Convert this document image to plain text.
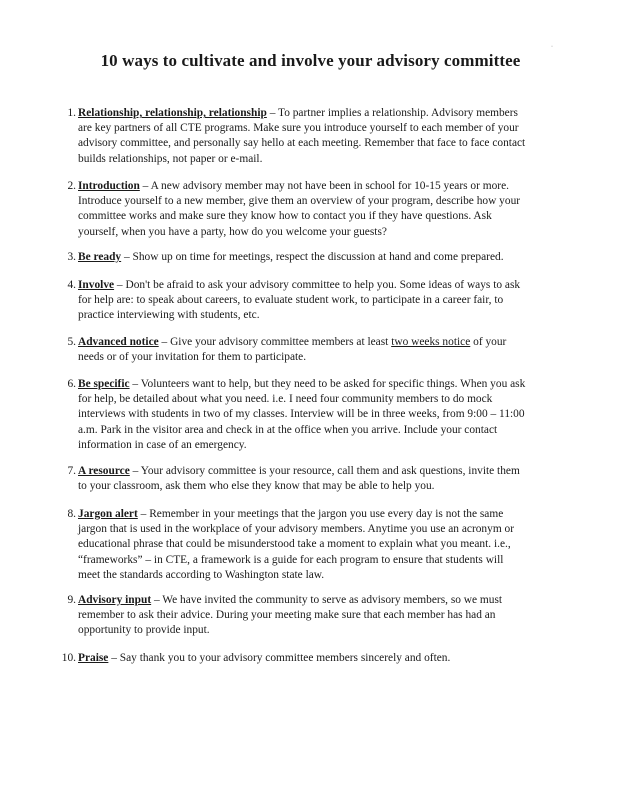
·
10 ways to cultivate and involve your advisory committee
1. Relationship, relationship, relationship – To partner implies a relationship. Advisory members are key partners of all CTE programs. Make sure you introduce yourself to each member of your advisory committee, and personally say hello at each meeting. Remember that face to face contact builds relationships, not paper or e-mail.
2. Introduction – A new advisory member may not have been in school for 10-15 years or more. Introduce yourself to a new member, give them an overview of your program, describe how your committee works and make sure they know how to contact you if they have questions. Ask yourself, when you have a party, how do you welcome your guests?
3. Be ready – Show up on time for meetings, respect the discussion at hand and come prepared.
4. Involve – Don't be afraid to ask your advisory committee to help you. Some ideas of ways to ask for help are: to speak about careers, to evaluate student work, to participate in a career fair, to practice interviewing with students, etc.
5. Advanced notice – Give your advisory committee members at least two weeks notice of your needs or of your invitation for them to participate.
6. Be specific – Volunteers want to help, but they need to be asked for specific things. When you ask for help, be detailed about what you need. i.e. I need four community members to do mock interviews with students in two of my classes. Interview will be in three weeks, from 9:00 – 11:00 a.m. Park in the visitor area and check in at the office when you arrive. Include your contact information in case of an emergency.
7. A resource – Your advisory committee is your resource, call them and ask questions, invite them to your classroom, ask them who else they know that may be able to help you.
8. Jargon alert – Remember in your meetings that the jargon you use every day is not the same jargon that is used in the workplace of your advisory members. Anytime you use an acronym or educational phrase that could be misunderstood take a moment to explain what you meant. i.e., “frameworks” – in CTE, a framework is a guide for each program to ensure that students will meet the standards according to Washington state law.
9. Advisory input – We have invited the community to serve as advisory members, so we must remember to ask their advice. During your meeting make sure that each member has had an opportunity to provide input.
10. Praise – Say thank you to your advisory committee members sincerely and often.
